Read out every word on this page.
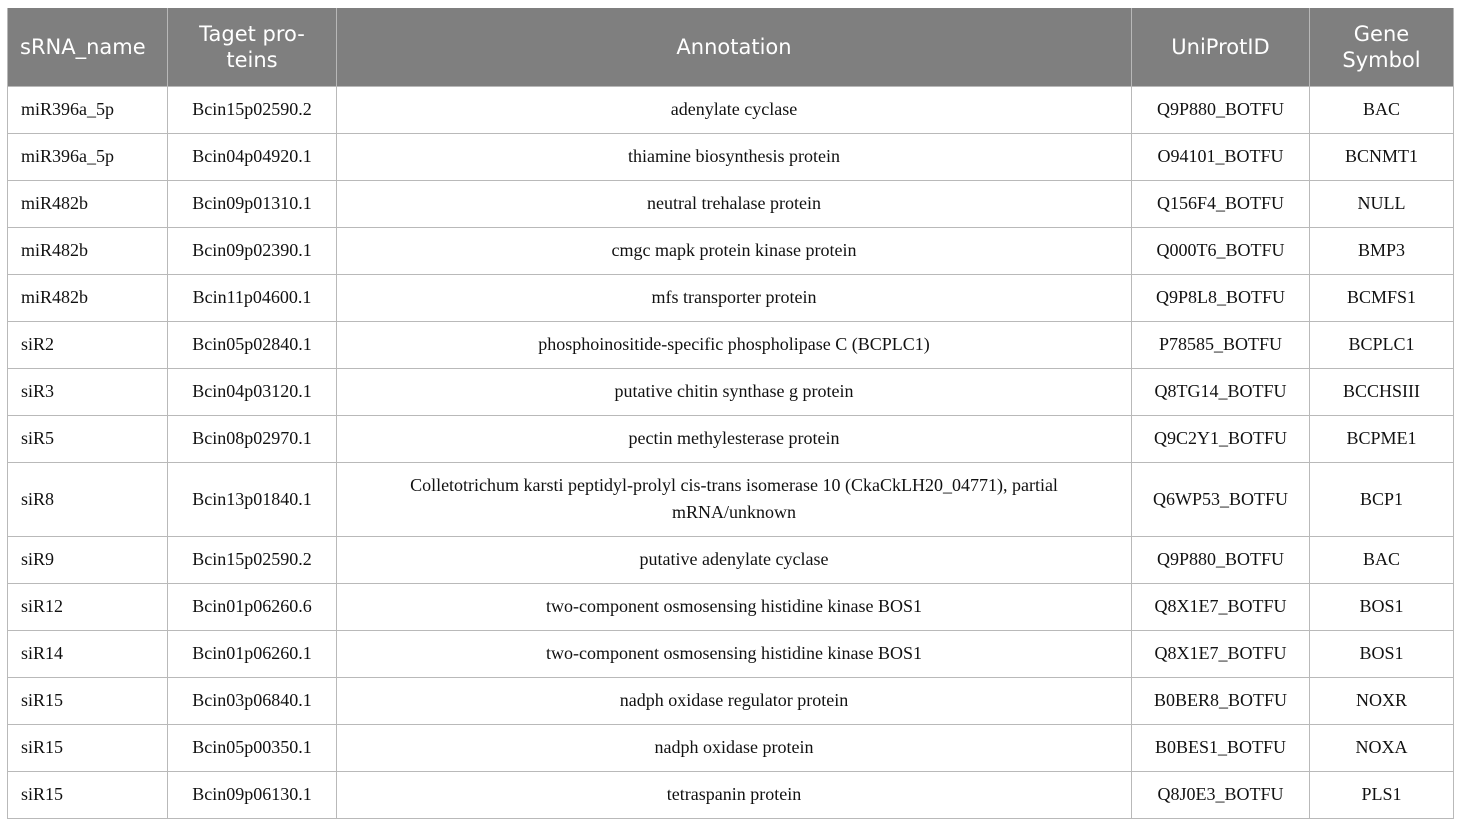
sRNA_name	Taget pro-teins	Annotation	UniProtID	Gene Symbol
miR396a_5p	Bcin15p02590.2	adenylate cyclase	Q9P880_BOTFU	BAC
miR396a_5p	Bcin04p04920.1	thiamine biosynthesis protein	O94101_BOTFU	BCNMT1
miR482b	Bcin09p01310.1	neutral trehalase protein	Q156F4_BOTFU	NULL
miR482b	Bcin09p02390.1	cmgc mapk protein kinase protein	Q000T6_BOTFU	BMP3
miR482b	Bcin11p04600.1	mfs transporter protein	Q9P8L8_BOTFU	BCMFS1
siR2	Bcin05p02840.1	phosphoinositide-specific phospholipase C (BCPLC1)	P78585_BOTFU	BCPLC1
siR3	Bcin04p03120.1	putative chitin synthase g protein	Q8TG14_BOTFU	BCCHSIII
siR5	Bcin08p02970.1	pectin methylesterase protein	Q9C2Y1_BOTFU	BCPME1
siR8	Bcin13p01840.1	Colletotrichum karsti peptidyl-prolyl cis-trans isomerase 10 (CkaCkLH20_04771), partial mRNA/unknown	Q6WP53_BOTFU	BCP1
siR9	Bcin15p02590.2	putative adenylate cyclase	Q9P880_BOTFU	BAC
siR12	Bcin01p06260.6	two-component osmosensing histidine kinase BOS1	Q8X1E7_BOTFU	BOS1
siR14	Bcin01p06260.1	two-component osmosensing histidine kinase BOS1	Q8X1E7_BOTFU	BOS1
siR15	Bcin03p06840.1	nadph oxidase regulator protein	B0BER8_BOTFU	NOXR
siR15	Bcin05p00350.1	nadph oxidase protein	B0BES1_BOTFU	NOXA
siR15	Bcin09p06130.1	tetraspanin protein	Q8J0E3_BOTFU	PLS1
